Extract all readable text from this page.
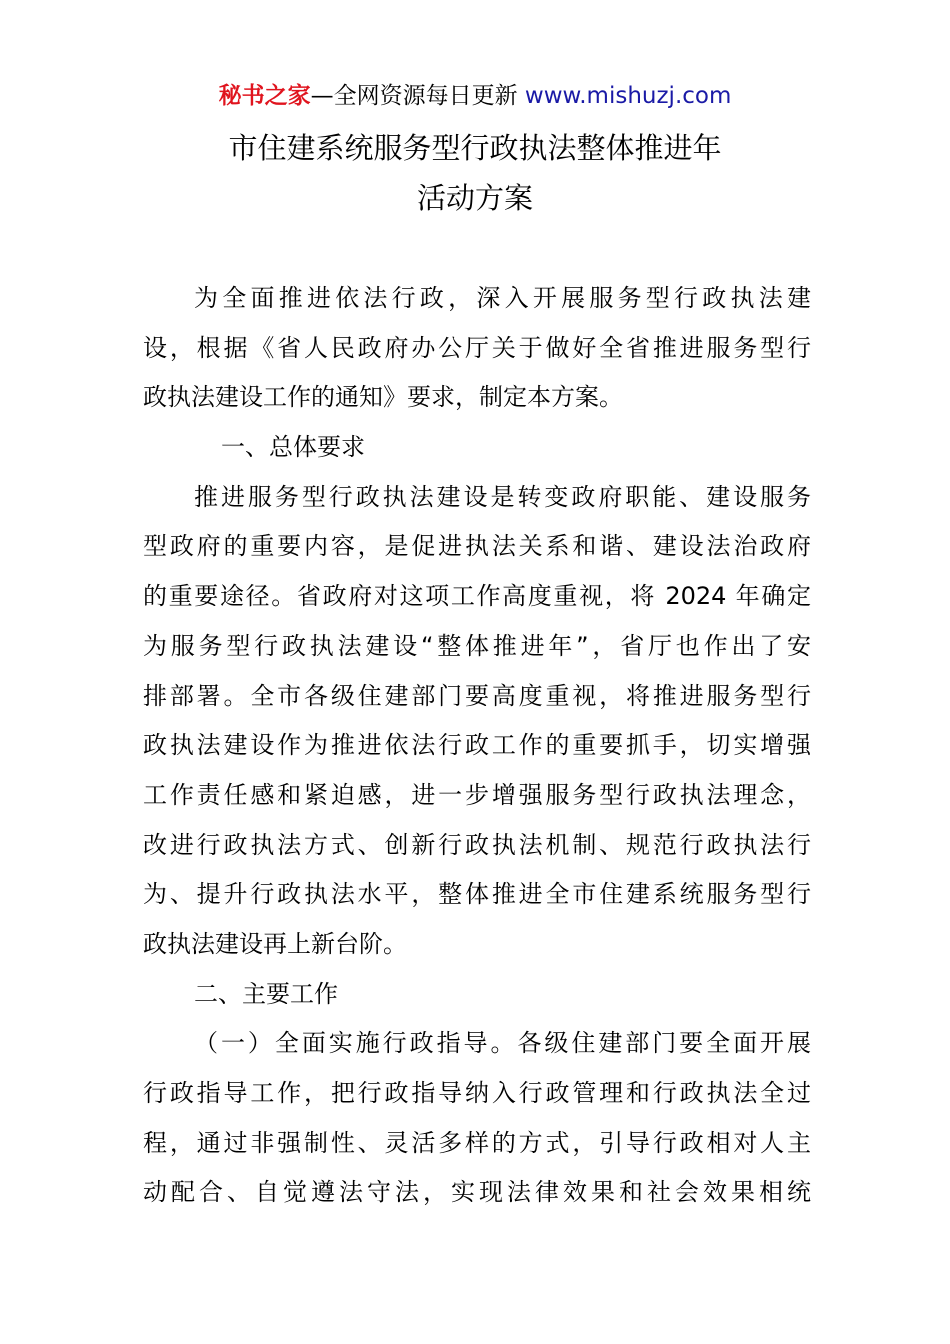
秘书之家—全网资源每日更新 www.mishuzj.com
市住建系统服务型行政执法整体推进年
活动方案
为全面推进依法行政，深入开展服务型行政执法建
设，根据《省人民政府办公厅关于做好全省推进服务型行
政执法建设工作的通知》要求，制定本方案。
一、总体要求
推进服务型行政执法建设是转变政府职能、建设服务
型政府的重要内容，是促进执法关系和谐、建设法治政府
的重要途径。省政府对这项工作高度重视，将 2024 年确定
为服务型行政执法建设“整体推进年”，省厅也作出了安
排部署。全市各级住建部门要高度重视，将推进服务型行
政执法建设作为推进依法行政工作的重要抓手，切实增强
工作责任感和紧迫感，进一步增强服务型行政执法理念，
改进行政执法方式、创新行政执法机制、规范行政执法行
为、提升行政执法水平，整体推进全市住建系统服务型行
政执法建设再上新台阶。
二、主要工作
（一）全面实施行政指导。各级住建部门要全面开展
行政指导工作，把行政指导纳入行政管理和行政执法全过
程，通过非强制性、灵活多样的方式，引导行政相对人主
动配合、自觉遵法守法，实现法律效果和社会效果相统
